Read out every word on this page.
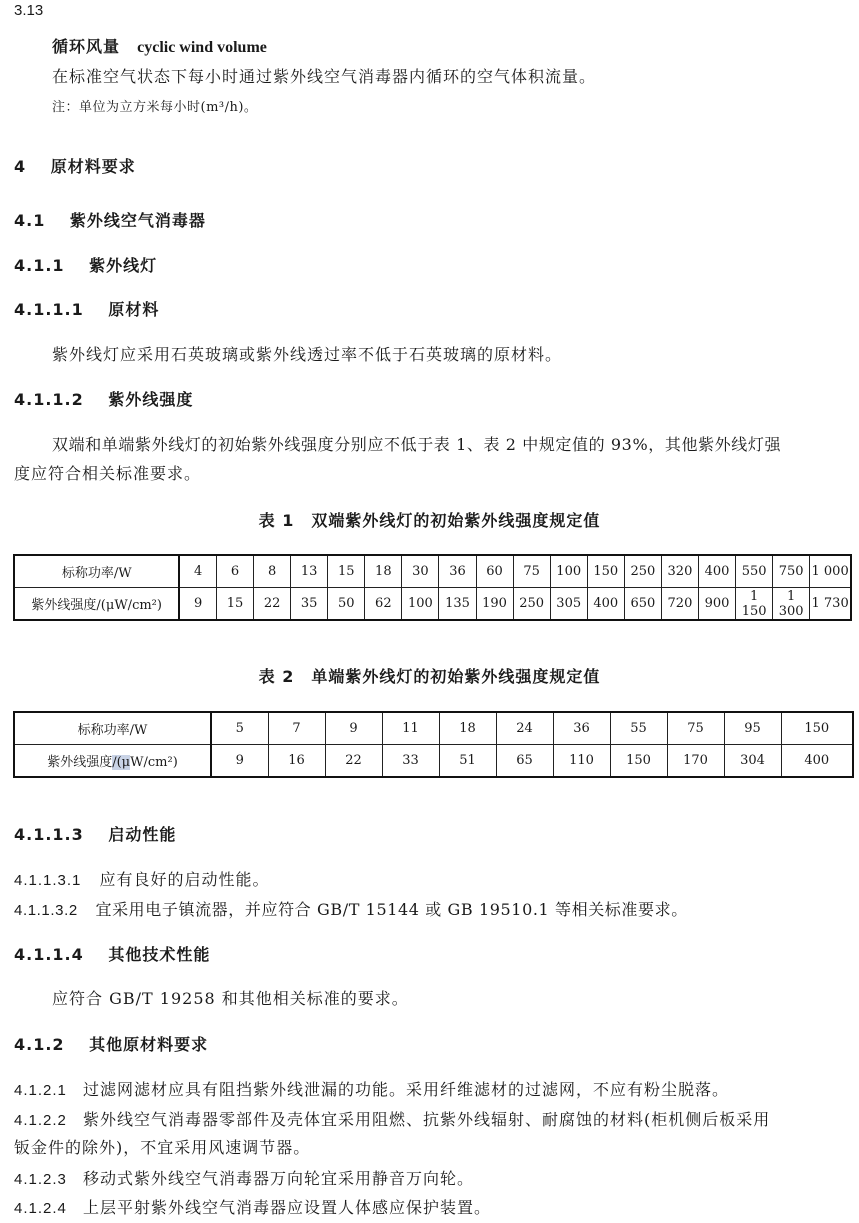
3.13
循环风量 cyclic wind volume
在标准空气状态下每小时通过紫外线空气消毒器内循环的空气体积流量。
注：单位为立方米每小时(m³/h)。
4 原材料要求
4.1 紫外线空气消毒器
4.1.1 紫外线灯
4.1.1.1 原材料
紫外线灯应采用石英玻璃或紫外线透过率不低于石英玻璃的原材料。
4.1.1.2 紫外线强度
双端和单端紫外线灯的初始紫外线强度分别应不低于表 1、表 2 中规定值的 93%，其他紫外线灯强
度应符合相关标准要求。
表 1　双端紫外线灯的初始紫外线强度规定值
标称功率/W	4	6	8	13	15	18	30	36	60	75	100	150	250	320	400	550	750	1 000
紫外线强度/(μW/cm²)	9	15	22	35	50	62	100	135	190	250	305	400	650	720	900	1 150	1 300	1 730
表 2　单端紫外线灯的初始紫外线强度规定值
标称功率/W	5	7	9	11	18	24	36	55	75	95	150
紫外线强度/(μW/cm²)	9	16	22	33	51	65	110	150	170	304	400
4.1.1.3 启动性能
4.1.1.3.1 应有良好的启动性能。
4.1.1.3.2 宜采用电子镇流器，并应符合 GB/T 15144 或 GB 19510.1 等相关标准要求。
4.1.1.4 其他技术性能
应符合 GB/T 19258 和其他相关标准的要求。
4.1.2 其他原材料要求
4.1.2.1 过滤网滤材应具有阻挡紫外线泄漏的功能。采用纤维滤材的过滤网，不应有粉尘脱落。
4.1.2.2 紫外线空气消毒器零部件及壳体宜采用阻燃、抗紫外线辐射、耐腐蚀的材料(柜机侧后板采用
钣金件的除外)，不宜采用风速调节器。
4.1.2.3 移动式紫外线空气消毒器万向轮宜采用静音万向轮。
4.1.2.4 上层平射紫外线空气消毒器应设置人体感应保护装置。
